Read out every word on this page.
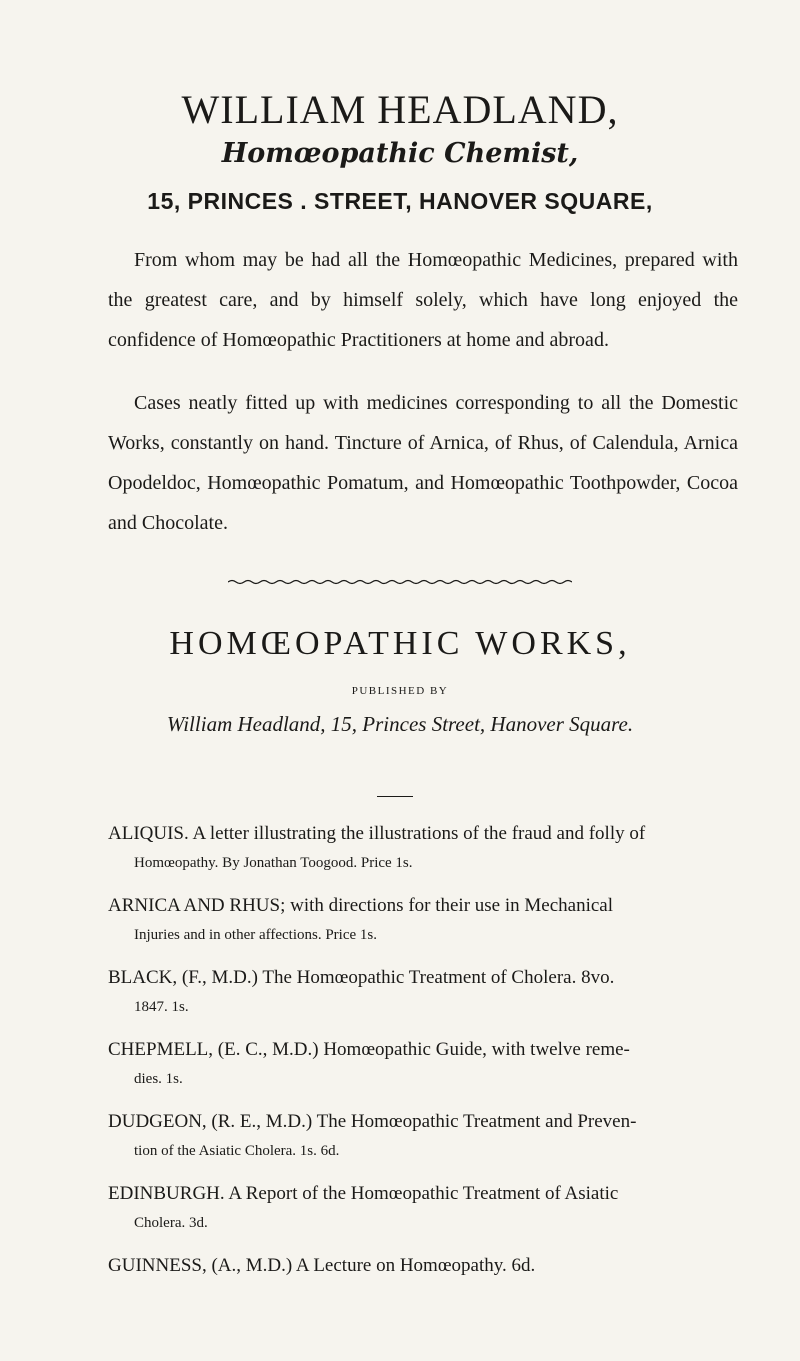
WILLIAM HEADLAND,
Homœopathic Chemist,
15, PRINCES . STREET, HANOVER SQUARE,

From whom may be had all the Homœopathic Medicines, prepared with the greatest care, and by himself solely, which have long enjoyed the confidence of Homœopathic Practitioners at home and abroad.

Cases neatly fitted up with medicines corresponding to all the Domestic Works, constantly on hand. Tincture of Arnica, of Rhus, of Calendula, Arnica Opodeldoc, Homœopathic Pomatum, and Homœopathic Toothpowder, Cocoa and Chocolate.

HOMŒOPATHIC WORKS,
PUBLISHED BY
William Headland, 15, Princes Street, Hanover Square.

ALIQUIS. A letter illustrating the illustrations of the fraud and folly of

Homœopathy. By Jonathan Toogood. Price 1s.

ARNICA AND RHUS; with directions for their use in Mechanical

Injuries and in other affections. Price 1s.

BLACK, (F., M.D.) The Homœopathic Treatment of Cholera. 8vo.

1847. 1s.

CHEPMELL, (E. C., M.D.) Homœopathic Guide, with twelve reme-

dies. 1s.

DUDGEON, (R. E., M.D.) The Homœopathic Treatment and Preven-

tion of the Asiatic Cholera. 1s. 6d.

EDINBURGH. A Report of the Homœopathic Treatment of Asiatic

Cholera. 3d.

GUINNESS, (A., M.D.) A Lecture on Homœopathy. 6d.
